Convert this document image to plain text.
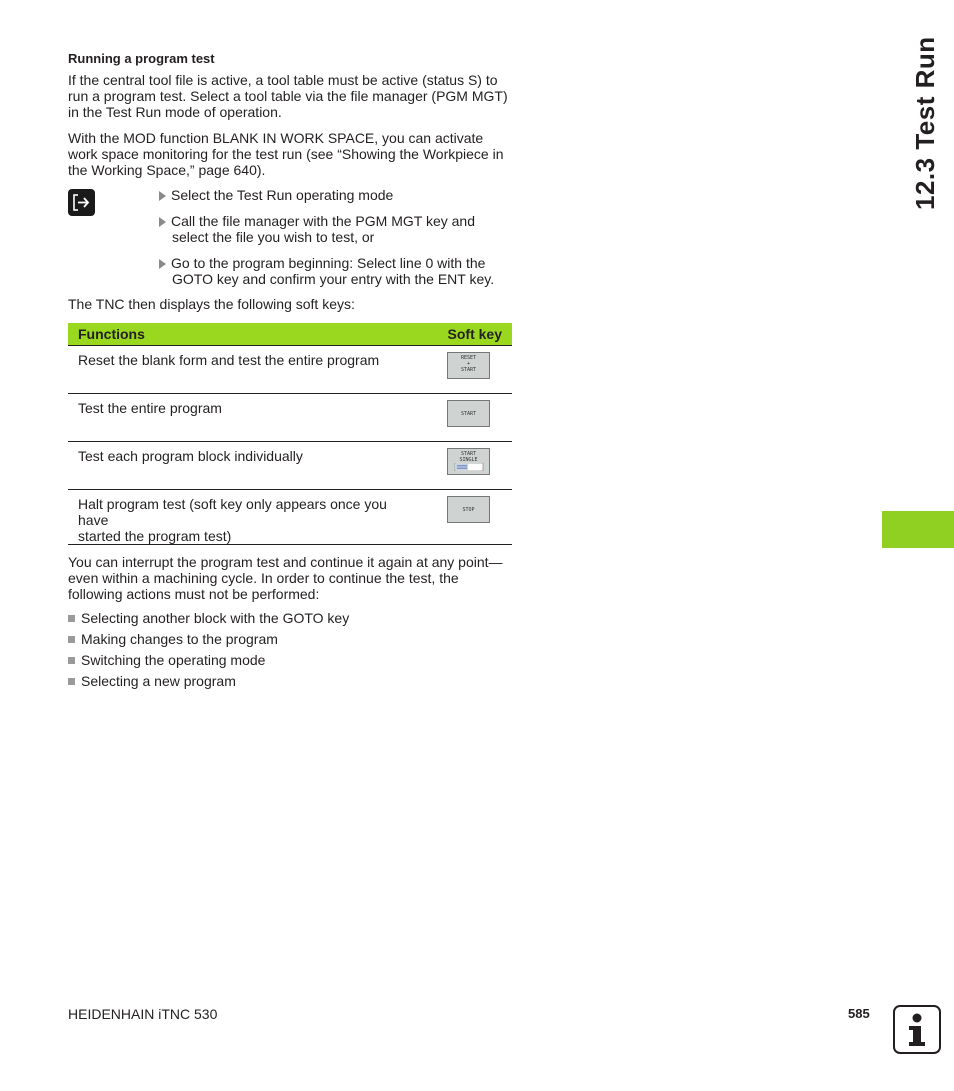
Running a program test
If the central tool file is active, a tool table must be active (status S) to run a program test. Select a tool table via the file manager (PGM MGT) in the Test Run mode of operation.
With the MOD function BLANK IN WORK SPACE, you can activate work space monitoring for the test run (see “Showing the Workpiece in the Working Space,” page 640).
Select the Test Run operating mode
Call the file manager with the PGM MGT key and
select the file you wish to test, or
Go to the program beginning: Select line 0 with the
GOTO key and confirm your entry with the ENT key.
The TNC then displays the following soft keys:
Functions	Soft key
Reset the blank form and test the entire program	RESET
+
START

Test the entire program	START

Test each program block individually	START
SINGLE

Halt program test (soft key only appears once you have
started the program test)	STOP
You can interrupt the program test and continue it again at any point—even within a machining cycle. In order to continue the test, the following actions must not be performed:
Selecting another block with the GOTO key
Making changes to the program
Switching the operating mode
Selecting a new program
12.3 Test Run
HEIDENHAIN iTNC 530	585
